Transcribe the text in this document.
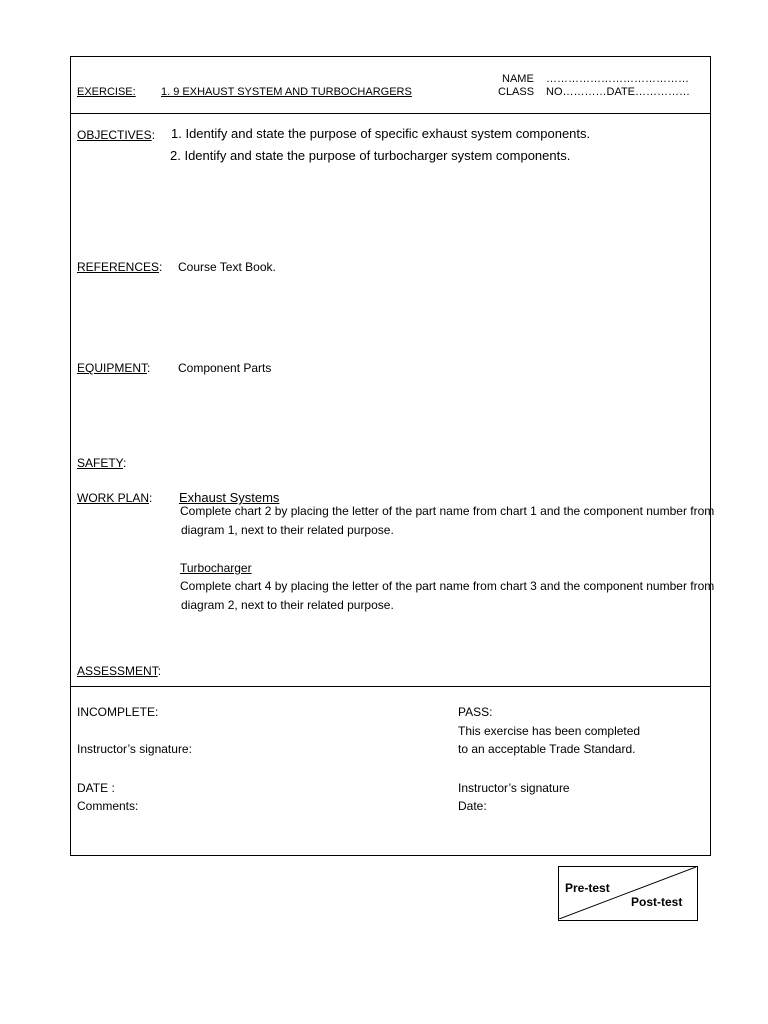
EXERCISE: 1. 9 EXHAUST SYSTEM AND TURBOCHARGERS
NAME …………………………………
CLASS NO…………DATE……………
OBJECTIVES: 1. Identify and state the purpose of specific exhaust system components.
2. Identify and state the purpose of turbocharger system components.
REFERENCES: Course Text Book.
EQUIPMENT: Component Parts
SAFETY:
WORK PLAN: Exhaust Systems
Complete chart 2 by placing the letter of the part name from chart 1 and the component number from
diagram 1, next to their related purpose.
Turbocharger
Complete chart 4 by placing the letter of the part name from chart 3 and the component number from
diagram 2, next to their related purpose.
ASSESSMENT:
INCOMPLETE:
Instructor’s signature:
DATE :
Comments:
PASS:
This exercise has been completed
to an acceptable Trade Standard.
Instructor’s signature
Date:
Pre-test
Post-test
